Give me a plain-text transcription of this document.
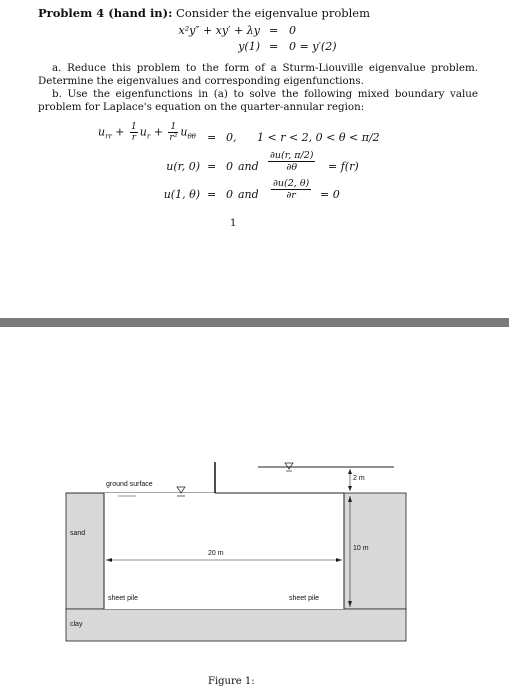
Problem 4 (hand in): Consider the eigenvalue problem
x²y″ + xy′ + λy = 0
y(1) = 0 = y′(2)
a. Reduce this problem to the form of a Sturm-Liouville eigenvalue problem. Determine the eigenvalues and corresponding eigenfunctions.
b. Use the eigenfunctions in (a) to solve the following mixed boundary value problem for Laplace's equation on the quarter-annular region:
$u_{rr} + \frac{1}{r} u_r + \frac{1}{\text{r²}} u_{\theta\theta} = 0$, 1 < r < 2, 0 < θ < π/2
u(r, 0) = 0 and
∂u(r, π/2)
∂θ	= f(r)
u(1, θ) = 0 and
∂u(2, θ)
∂r	= 0
1
ground surface
sand
clay
sheet pile	sheet pile
20 m
10 m
2 m
Figure 1:
